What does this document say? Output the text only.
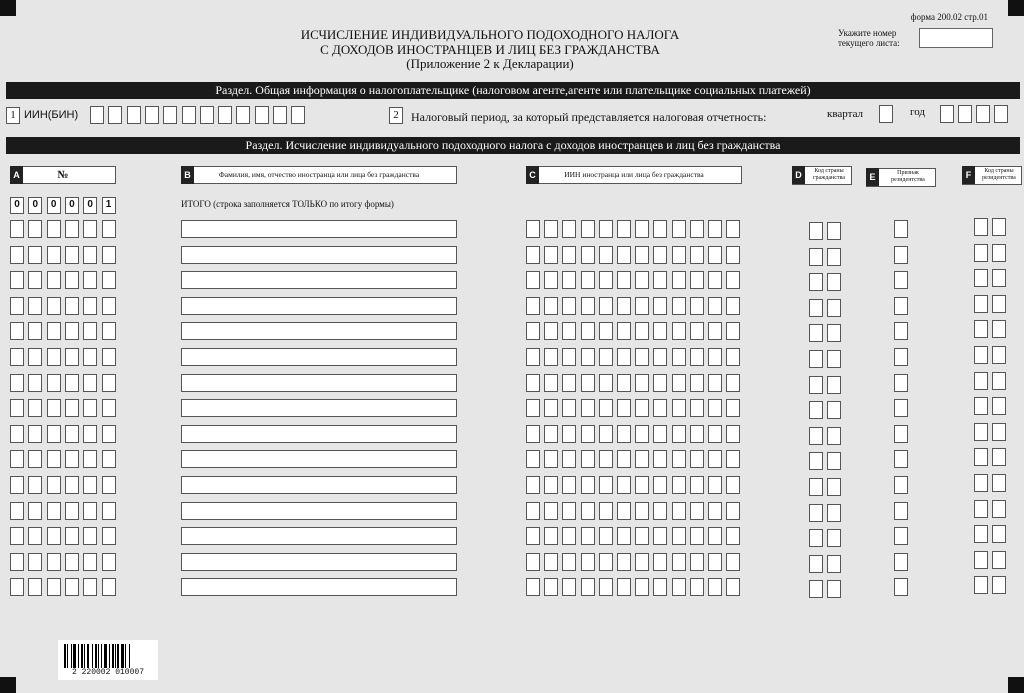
форма 200.02 стр.01
Укажите номер
текущего листа:
ИСЧИСЛЕНИЕ ИНДИВИДУАЛЬНОГО ПОДОХОДНОГО НАЛОГА
С ДОХОДОВ ИНОСТРАНЦЕВ И ЛИЦ БЕЗ ГРАЖДАНСТВА
(Приложение 2 к Декларации)
Раздел. Общая информация о налогоплательщике (налоговом агенте,агенте или плательщике социальных платежей)
1 ИИН(БИН)	2	Налоговый период, за который представляется налоговая отчетность:	квартал	год
Раздел. Исчисление индивидуального подоходного налога с доходов иностранцев и лиц без гражданства
A	№	B	Фамилия, имя, отчество иностранца или лица без гражданства	C	ИИН иностранца или лица без гражданства	D	Код страны гражданства	E	Признак резидентства	F	Код страны резидентства
0	0	0	0	0	1	ИТОГО (строка заполняется ТОЛЬКО по итогу формы)
2 220002 010007
